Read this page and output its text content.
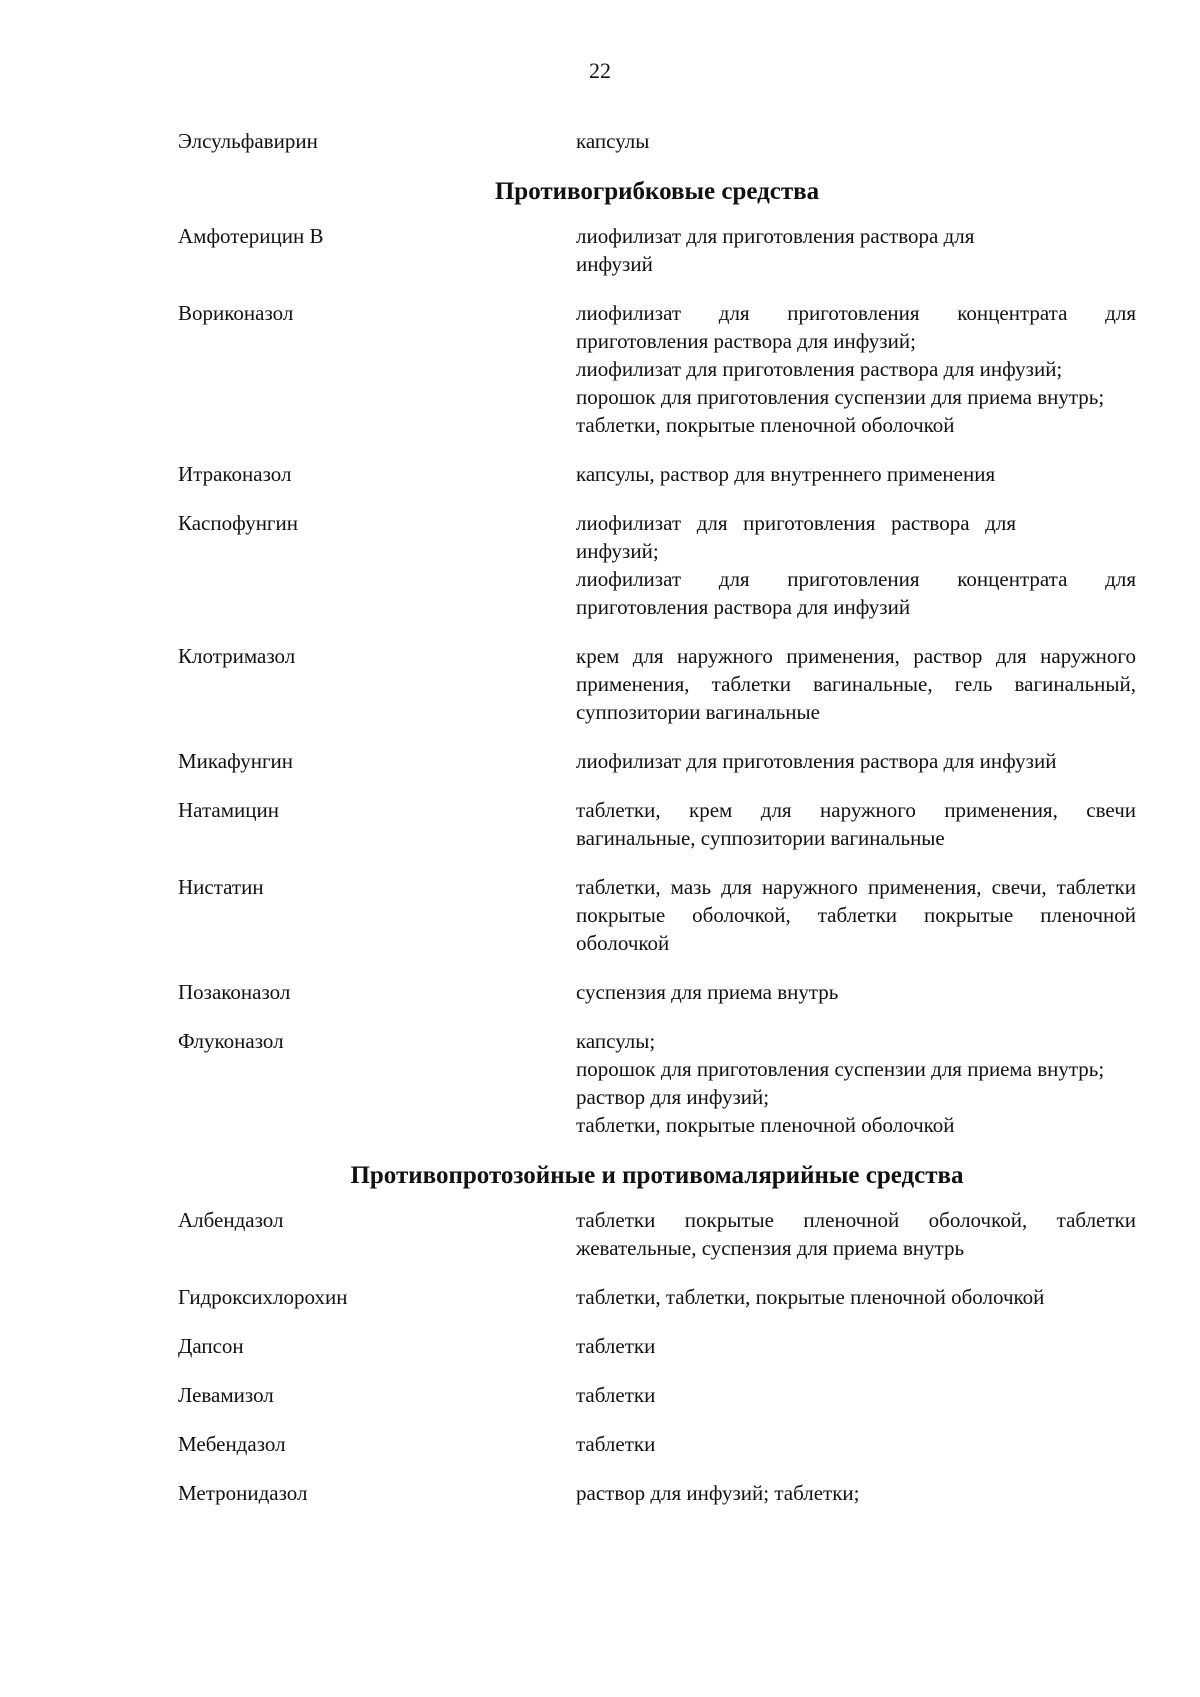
22
Элсульфавирин	капсулы
Противогрибковые средства
Амфотерицин В	лиофилизат для приготовления раствора для инфузий
Вориконазол	лиофилизат для приготовления концентрата для приготовления раствора для инфузий;
лиофилизат для приготовления раствора для инфузий;
порошок для приготовления суспензии для приема внутрь;
таблетки, покрытые пленочной оболочкой
Итраконазол	капсулы, раствор для внутреннего применения
Каспофунгин	лиофилизат для приготовления раствора для инфузий;
лиофилизат для приготовления концентрата для приготовления раствора для инфузий
Клотримазол	крем для наружного применения, раствор для наружного применения, таблетки вагинальные, гель вагинальный, суппозитории вагинальные
Микафунгин	лиофилизат для приготовления раствора для инфузий
Натамицин	таблетки, крем для наружного применения, свечи вагинальные, суппозитории вагинальные
Нистатин	таблетки, мазь для наружного применения, свечи, таблетки покрытые оболочкой, таблетки покрытые пленочной оболочкой
Позаконазол	суспензия для приема внутрь
Флуконазол	капсулы;
порошок для приготовления суспензии для приема внутрь;
раствор для инфузий;
таблетки, покрытые пленочной оболочкой
Противопротозойные и противомалярийные средства
Албендазол	таблетки покрытые пленочной оболочкой, таблетки жевательные, суспензия для приема внутрь
Гидроксихлорохин	таблетки, таблетки, покрытые пленочной оболочкой
Дапсон	таблетки
Левамизол	таблетки
Мебендазол	таблетки
Метронидазол	раствор для инфузий; таблетки;
